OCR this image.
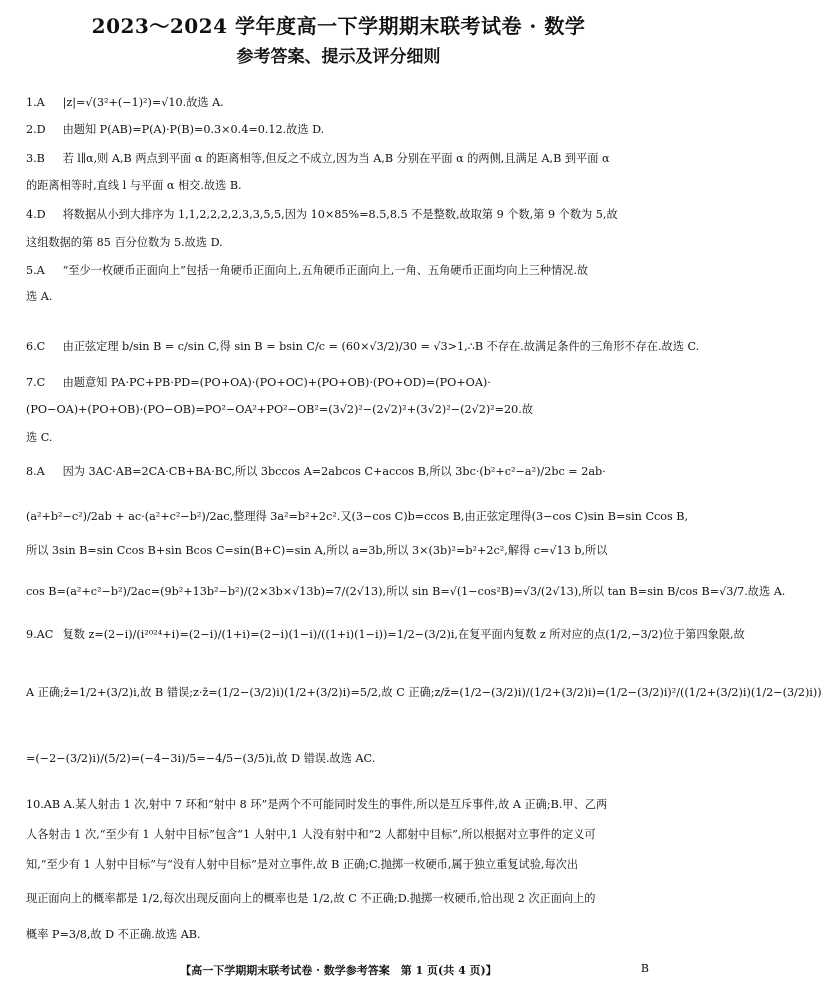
2023～2024 学年度高一下学期期末联考试卷 · 数学
参考答案、提示及评分细则
1.A |z|=√(3²+(−1)²)=√10.故选 A.
2.D 由题知 P(AB)=P(A)·P(B)=0.3×0.4=0.12.故选 D.
3.B 若 l∥α,则 A,B 两点到平面 α 的距离相等,但反之不成立,因为当 A,B 分别在平面 α 的两侧,且满足 A,B 到平面 α
的距离相等时,直线 l 与平面 α 相交.故选 B.
4.D 将数据从小到大排序为 1,1,2,2,2,2,3,3,5,5,因为 10×85%=8.5,8.5 不是整数,故取第 9 个数,第 9 个数为 5,故
这组数据的第 85 百分位数为 5.故选 D.
5.A “至少一枚硬币正面向上”包括一角硬币正面向上,五角硬币正面向上,一角、五角硬币正面均向上三种情况.故
选 A.
6.C 由正弦定理 b/sin B = c/sin C,得 sin B = bsin C/c = (60×√3/2)/30 = √3>1,∴B 不存在.故满足条件的三角形不存在.故选 C.
7.C 由题意知 PA·PC+PB·PD=(PO+OA)·(PO+OC)+(PO+OB)·(PO+OD)=(PO+OA)·
(PO−OA)+(PO+OB)·(PO−OB)=PO²−OA²+PO²−OB²=(3√2)²−(2√2)²+(3√2)²−(2√2)²=20.故
选 C.
8.A 因为 3AC·AB=2CA·CB+BA·BC,所以 3bccos A=2abcos C+accos B,所以 3bc·(b²+c²−a²)/2bc = 2ab·
(a²+b²−c²)/2ab + ac·(a²+c²−b²)/2ac,整理得 3a²=b²+2c².又(3−cos C)b=ccos B,由正弦定理得(3−cos C)sin B=sin Ccos B,
所以 3sin B=sin Ccos B+sin Bcos C=sin(B+C)=sin A,所以 a=3b,所以 3×(3b)²=b²+2c²,解得 c=√13 b,所以
cos B=(a²+c²−b²)/2ac=(9b²+13b²−b²)/(2×3b×√13b)=7/(2√13),所以 sin B=√(1−cos²B)=√3/(2√13),所以 tan B=sin B/cos B=√3/7.故选 A.
9.AC 复数 z=(2−i)/(i²⁰²⁴+i)=(2−i)/(1+i)=(2−i)(1−i)/((1+i)(1−i))=1/2−(3/2)i,在复平面内复数 z 所对应的点(1/2,−3/2)位于第四象限,故
A 正确;z̄=1/2+(3/2)i,故 B 错误;z·z̄=(1/2−(3/2)i)(1/2+(3/2)i)=5/2,故 C 正确;z/z̄=(1/2−(3/2)i)/(1/2+(3/2)i)=(1/2−(3/2)i)²/((1/2+(3/2)i)(1/2−(3/2)i))
=(−2−(3/2)i)/(5/2)=(−4−3i)/5=−4/5−(3/5)i,故 D 错误.故选 AC.
10.AB A.某人射击 1 次,射中 7 环和“射中 8 环”是两个不可能同时发生的事件,所以是互斥事件,故 A 正确;B.甲、乙两
人各射击 1 次,“至少有 1 人射中目标”包含“1 人射中,1 人没有射中和“2 人都射中目标”,所以根据对立事件的定义可
知,“至少有 1 人射中目标”与“没有人射中目标”是对立事件,故 B 正确;C.抛掷一枚硬币,属于独立重复试验,每次出
现正面向上的概率都是 1/2,每次出现反面向上的概率也是 1/2,故 C 不正确;D.抛掷一枚硬币,恰出现 2 次正面向上的
概率 P=3/8,故 D 不正确.故选 AB.
【高一下学期期末联考试卷 · 数学参考答案　第 1 页(共 4 页)】	B
